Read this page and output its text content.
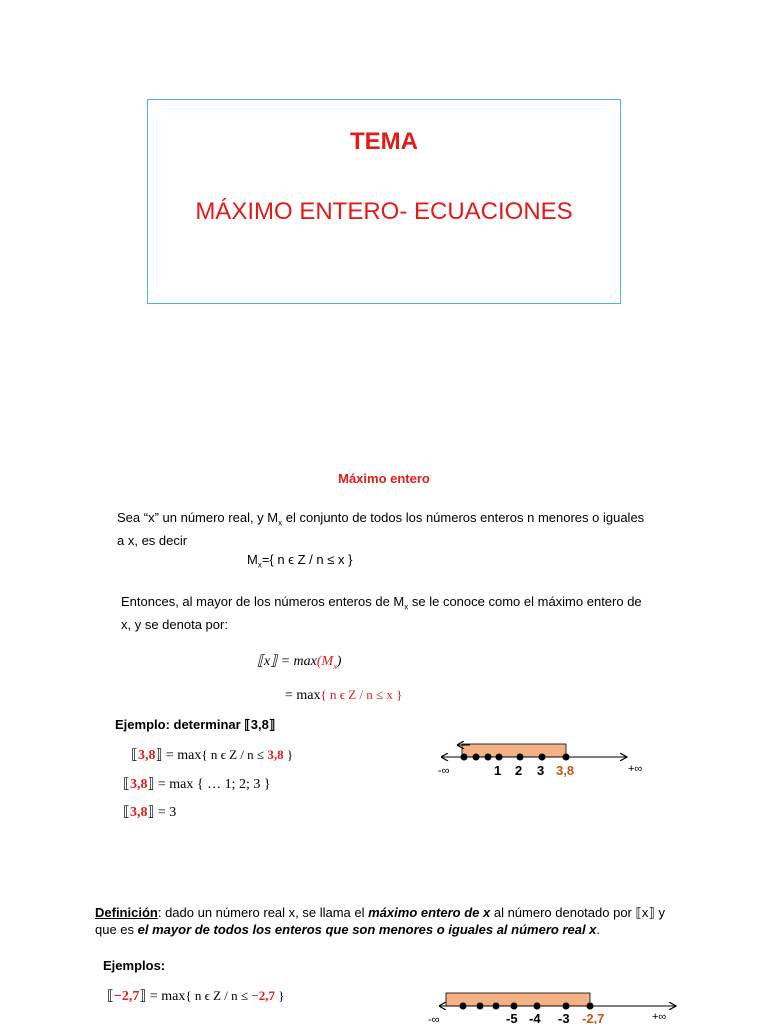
TEMA
MÁXIMO ENTERO- ECUACIONES
Máximo entero
Sea “x” un número real, y $M_x$ el conjunto de todos los números enteros n menores o iguales
a x, es decir
$M_x=${ n ϵ Z / n ≤ x }
Entonces, al mayor de los números enteros de $M_x$ se le conoce como el máximo entero de
x, y se denota por:
⟦x⟧ = $\max(M_x)$
= max{ n ϵ Z / n ≤ x }
Ejemplo: determinar ⟦3,8⟧
⟦3,8⟧ = max{ n ϵ Z / n ≤ 3,8 }
⟦3,8⟧ = max { … 1; 2; 3 }
⟦3,8⟧ = 3
-∞	1 2 3 3,8	+∞
Definición: dado un número real x, se llama el máximo entero de x al número denotado por ⟦x⟧ y
que es el mayor de todos los enteros que son menores o iguales al número real x.
Ejemplos:
⟦−2,7⟧ = max{ n ϵ Z / n ≤ −2,7 }
-∞	-5 -4 -3 -2,7	+∞
